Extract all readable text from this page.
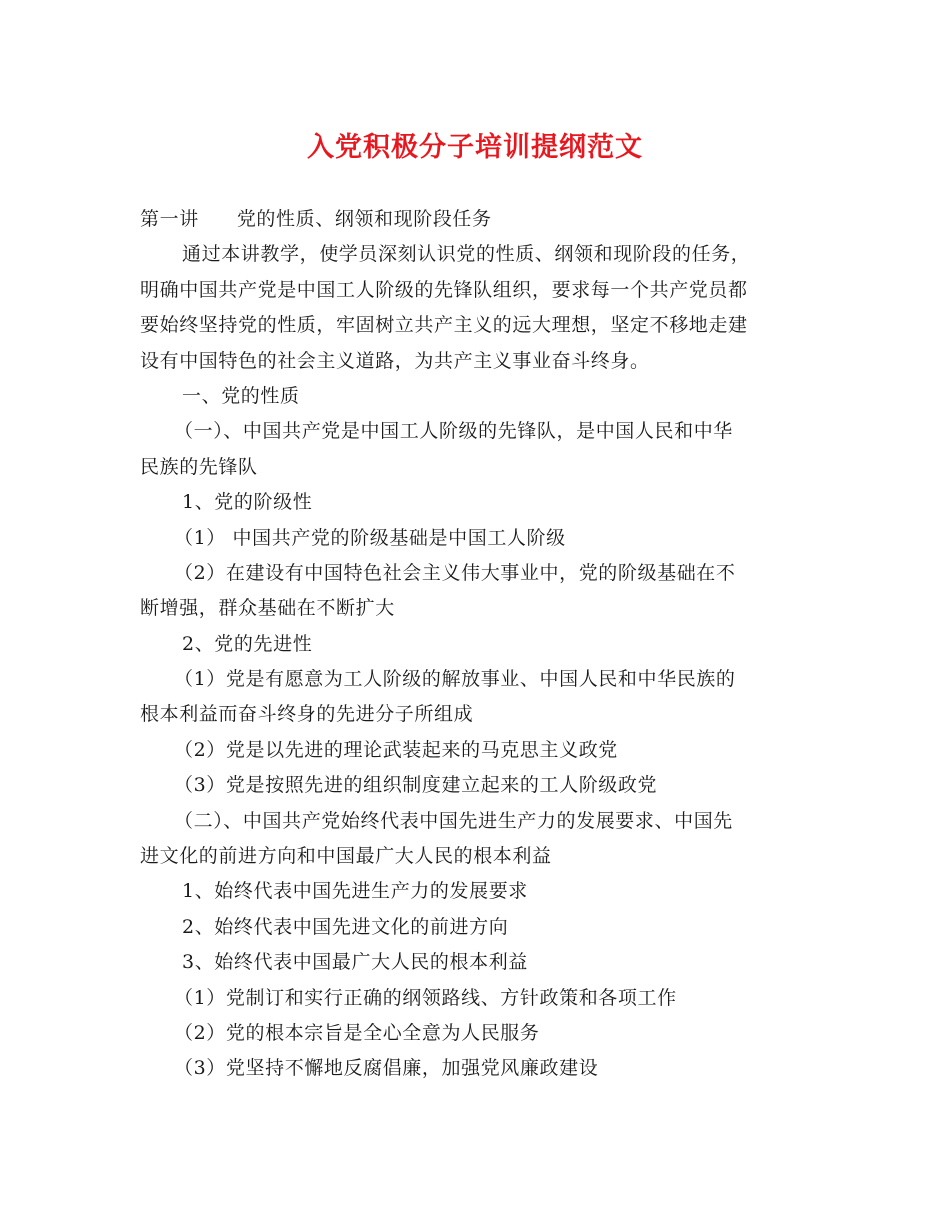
入党积极分子培训提纲范文
第一讲 党的性质、纲领和现阶段任务
通过本讲教学，使学员深刻认识党的性质、纲领和现阶段的任务，
明确中国共产党是中国工人阶级的先锋队组织，要求每一个共产党员都
要始终坚持党的性质，牢固树立共产主义的远大理想，坚定不移地走建
设有中国特色的社会主义道路，为共产主义事业奋斗终身。
一、党的性质
（一）、中国共产党是中国工人阶级的先锋队，是中国人民和中华
民族的先锋队
1、党的阶级性
（1） 中国共产党的阶级基础是中国工人阶级
（2）在建设有中国特色社会主义伟大事业中，党的阶级基础在不
断增强，群众基础在不断扩大
2、党的先进性
（1）党是有愿意为工人阶级的解放事业、中国人民和中华民族的
根本利益而奋斗终身的先进分子所组成
（2）党是以先进的理论武装起来的马克思主义政党
（3）党是按照先进的组织制度建立起来的工人阶级政党
（二）、中国共产党始终代表中国先进生产力的发展要求、中国先
进文化的前进方向和中国最广大人民的根本利益
1、始终代表中国先进生产力的发展要求
2、始终代表中国先进文化的前进方向
3、始终代表中国最广大人民的根本利益
（1）党制订和实行正确的纲领路线、方针政策和各项工作
（2）党的根本宗旨是全心全意为人民服务
（3）党坚持不懈地反腐倡廉，加强党风廉政建设
